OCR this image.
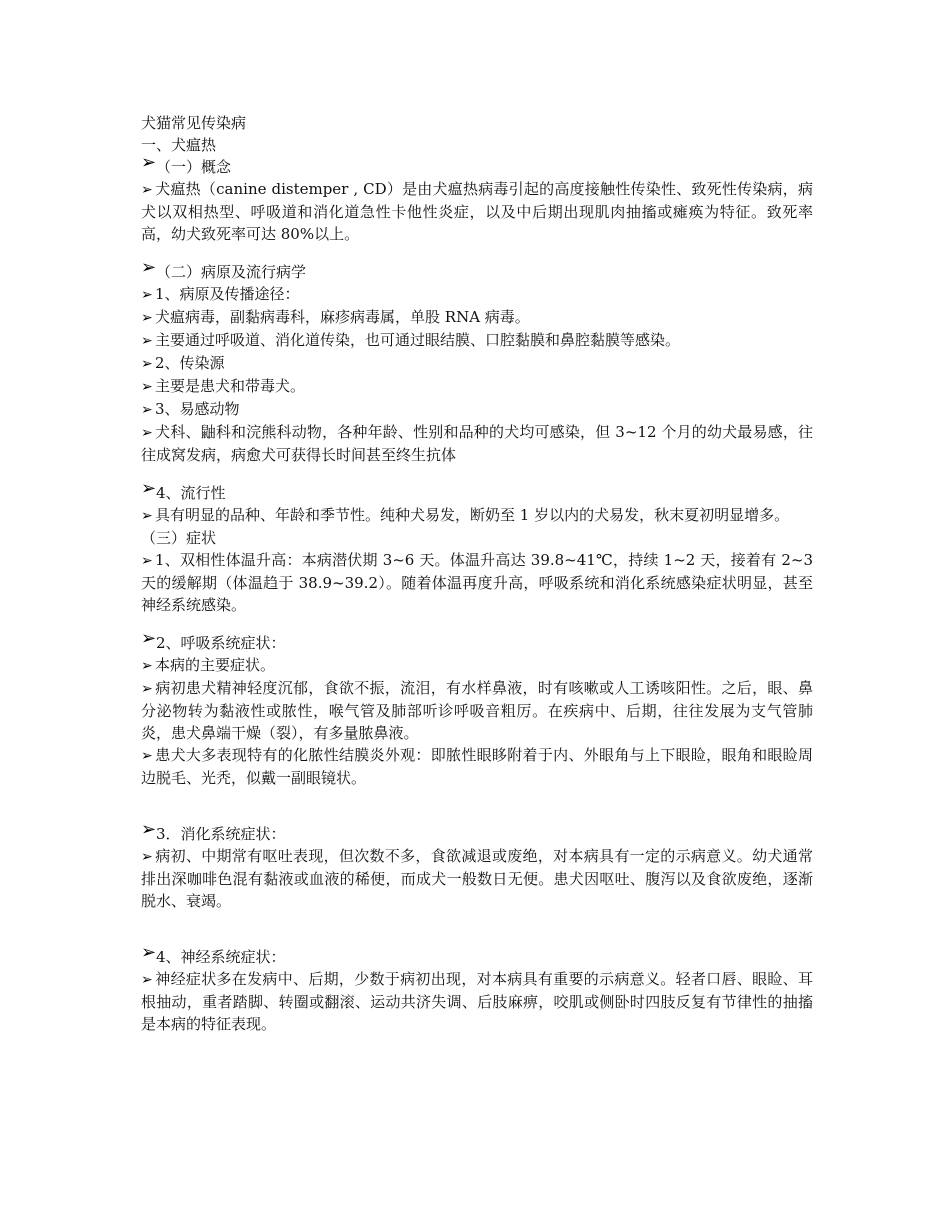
犬猫常见传染病
一、犬瘟热
➢（一）概念
➢ 犬瘟热（canine distemper , CD）是由犬瘟热病毒引起的高度接触性传染性、致死性传染病，病犬以双相热型、呼吸道和消化道急性卡他性炎症，以及中后期出现肌肉抽搐或瘫痪为特征。致死率高，幼犬致死率可达 80%以上。
➢（二）病原及流行病学
➢ 1、病原及传播途径：
➢ 犬瘟病毒，副黏病毒科，麻疹病毒属，单股 RNA 病毒。
➢ 主要通过呼吸道、消化道传染，也可通过眼结膜、口腔黏膜和鼻腔黏膜等感染。
➢ 2、传染源
➢ 主要是患犬和带毒犬。
➢ 3、易感动物
➢ 犬科、鼬科和浣熊科动物，各种年龄、性别和品种的犬均可感染，但 3~12 个月的幼犬最易感，往往成窝发病，病愈犬可获得长时间甚至终生抗体
➢4、流行性
➢ 具有明显的品种、年龄和季节性。纯种犬易发，断奶至 1 岁以内的犬易发，秋末夏初明显增多。
（三）症状
➢ 1、双相性体温升高：本病潜伏期 3~6 天。体温升高达 39.8~41℃，持续 1~2 天，接着有 2~3 天的缓解期（体温趋于 38.9~39.2）。随着体温再度升高，呼吸系统和消化系统感染症状明显，甚至神经系统感染。
➢2、呼吸系统症状：
➢ 本病的主要症状。
➢ 病初患犬精神轻度沉郁，食欲不振，流泪，有水样鼻液，时有咳嗽或人工诱咳阳性。之后，眼、鼻分泌物转为黏液性或脓性，喉气管及肺部听诊呼吸音粗厉。在疾病中、后期，往往发展为支气管肺炎，患犬鼻端干燥（裂），有多量脓鼻液。
➢ 患犬大多表现特有的化脓性结膜炎外观：即脓性眼眵附着于内、外眼角与上下眼睑，眼角和眼睑周边脱毛、光秃，似戴一副眼镜状。
➢3．消化系统症状：
➢ 病初、中期常有呕吐表现，但次数不多，食欲减退或废绝，对本病具有一定的示病意义。幼犬通常排出深咖啡色混有黏液或血液的稀便，而成犬一般数日无便。患犬因呕吐、腹泻以及食欲废绝，逐渐脱水、衰竭。
➢4、神经系统症状：
➢ 神经症状多在发病中、后期，少数于病初出现，对本病具有重要的示病意义。轻者口唇、眼睑、耳根抽动，重者踏脚、转圈或翻滚、运动共济失调、后肢麻痹，咬肌或侧卧时四肢反复有节律性的抽搐是本病的特征表现。
